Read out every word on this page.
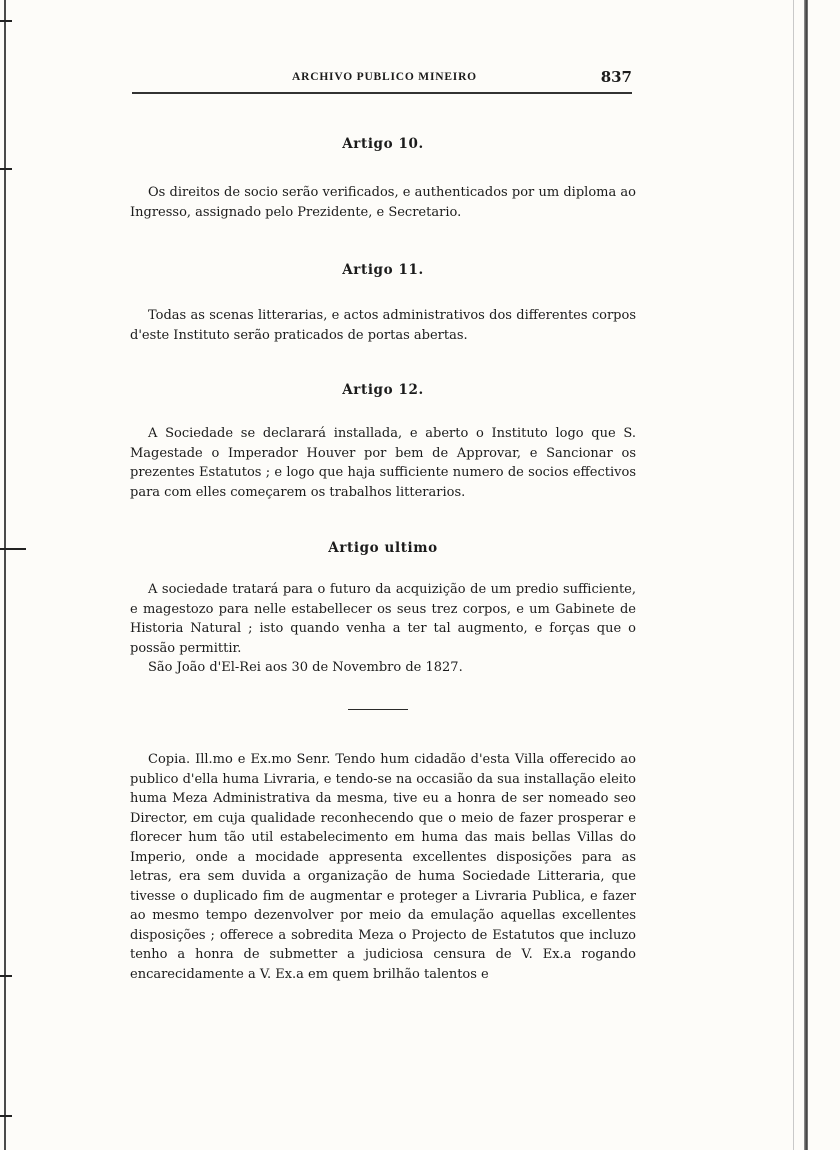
ARCHIVO PUBLICO MINEIRO	837
Artigo 10.

Os direitos de socio serão verificados, e authenticados por um diploma ao Ingresso, assignado pelo Prezidente, e Secretario.

Artigo 11.

Todas as scenas litterarias, e actos administrativos dos differentes corpos d'este Instituto serão praticados de portas abertas.

Artigo 12.

A Sociedade se declarará installada, e aberto o Instituto logo que S. Magestade o Imperador Houver por bem de Approvar, e Sancionar os prezentes Estatutos ; e logo que haja sufficiente numero de socios effectivos para com elles começarem os trabalhos litterarios.

Artigo ultimo

A sociedade tratará para o futuro da acquizição de um predio sufficiente, e magestozo para nelle estabellecer os seus trez corpos, e um Gabinete de Historia Natural ; isto quando venha a ter tal augmento, e forças que o possão permittir.

São João d'El-Rei aos 30 de Novembro de 1827.

Copia. Ill.mo e Ex.mo Senr. Tendo hum cidadão d'esta Villa offerecido ao publico d'ella huma Livraria, e tendo-se na occasião da sua installação eleito huma Meza Administrativa da mesma, tive eu a honra de ser nomeado seo Director, em cuja qualidade reconhecendo que o meio de fazer prosperar e florecer hum tão util estabelecimento em huma das mais bellas Villas do Imperio, onde a mocidade appresenta excellentes disposições para as letras, era sem duvida a organização de huma Sociedade Litteraria, que tivesse o duplicado fim de augmentar e proteger a Livraria Publica, e fazer ao mesmo tempo dezenvolver por meio da emulação aquellas excellentes disposições ; offerece a sobredita Meza o Projecto de Estatutos que incluzo tenho a honra de submetter a judiciosa censura de V. Ex.a rogando encarecidamente a V. Ex.a em quem brilhão talentos e
